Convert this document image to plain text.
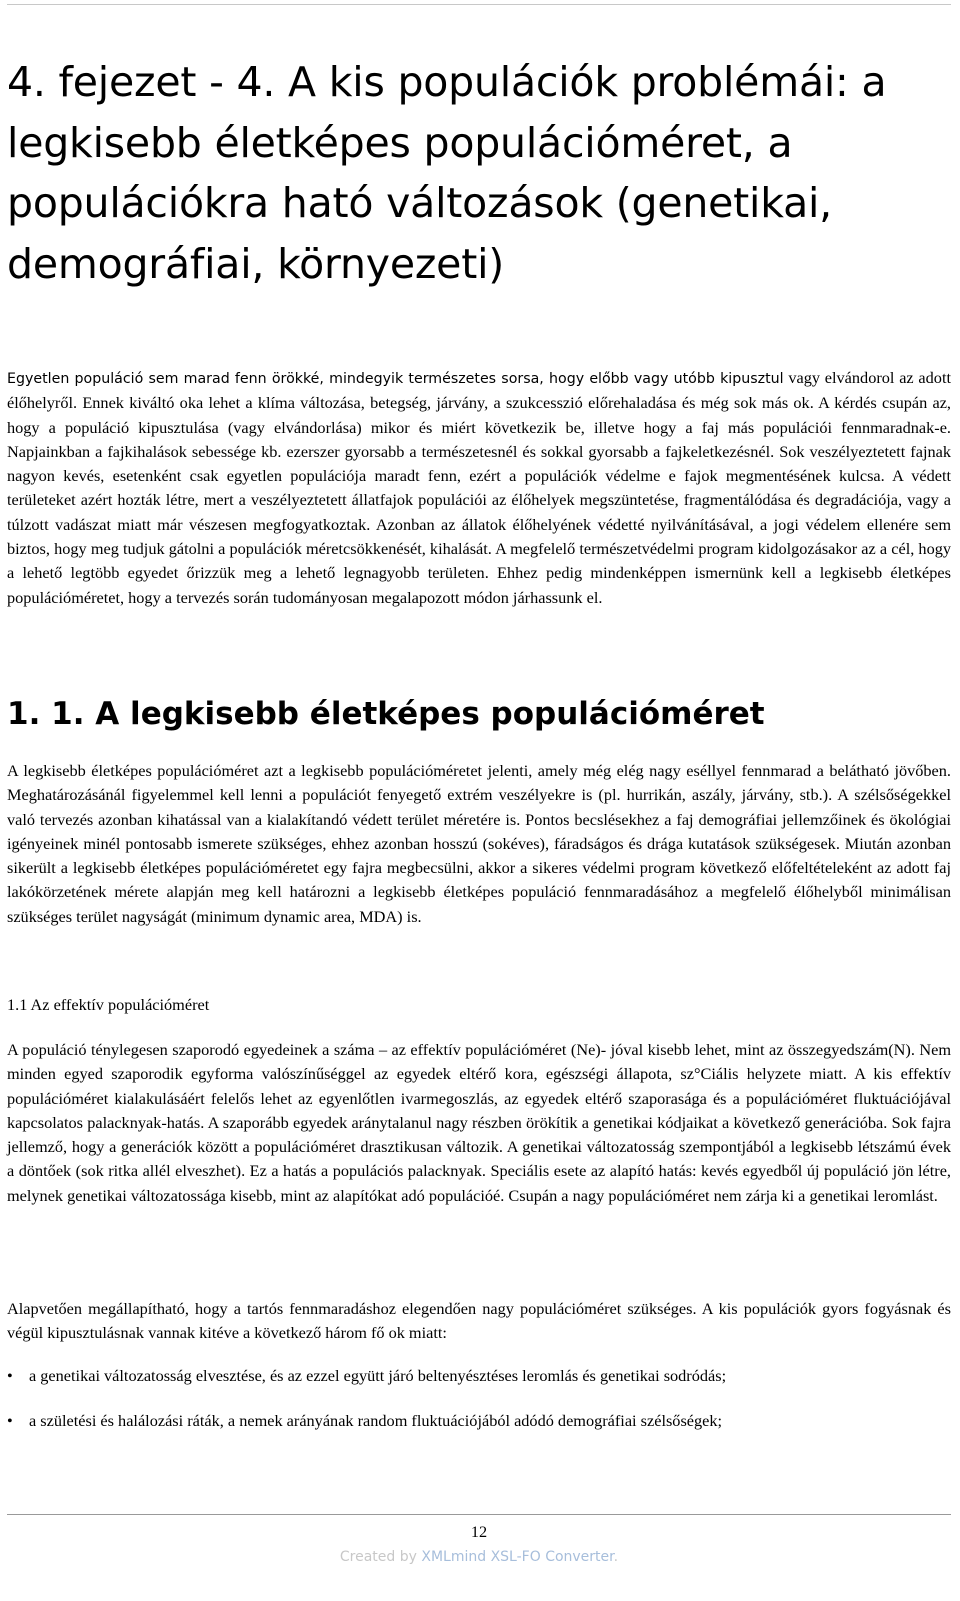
4. fejezet - 4. A kis populációk problémái: a legkisebb életképes populációméret, a populációkra ható változások (genetikai, demográfiai, környezeti)

Egyetlen populáció sem marad fenn örökké, mindegyik természetes sorsa, hogy előbb vagy utóbb kipusztul vagy elvándorol az adott élőhelyről. Ennek kiváltó oka lehet a klíma változása, betegség, járvány, a szukcesszió előrehaladása és még sok más ok. A kérdés csupán az, hogy a populáció kipusztulása (vagy elvándorlása) mikor és miért következik be, illetve hogy a faj más populációi fennmaradnak-e. Napjainkban a fajkihalások sebessége kb. ezerszer gyorsabb a természetesnél és sokkal gyorsabb a fajkeletkezésnél. Sok veszélyeztetett fajnak nagyon kevés, esetenként csak egyetlen populációja maradt fenn, ezért a populációk védelme e fajok megmentésének kulcsa. A védett területeket azért hozták létre, mert a veszélyeztetett állatfajok populációi az élőhelyek megszüntetése, fragmentálódása és degradációja, vagy a túlzott vadászat miatt már vészesen megfogyatkoztak. Azonban az állatok élőhelyének védetté nyilvánításával, a jogi védelem ellenére sem biztos, hogy meg tudjuk gátolni a populációk méretcsökkenését, kihalását. A megfelelő természetvédelmi program kidolgozásakor az a cél, hogy a lehető legtöbb egyedet őrizzük meg a lehető legnagyobb területen. Ehhez pedig mindenképpen ismernünk kell a legkisebb életképes populációméretet, hogy a tervezés során tudományosan megalapozott módon járhassunk el.

1. 1. A legkisebb életképes populációméret

A legkisebb életképes populációméret azt a legkisebb populációméretet jelenti, amely még elég nagy eséllyel fennmarad a belátható jövőben. Meghatározásánál figyelemmel kell lenni a populációt fenyegető extrém veszélyekre is (pl. hurrikán, aszály, járvány, stb.). A szélsőségekkel való tervezés azonban kihatással van a kialakítandó védett terület méretére is. Pontos becslésekhez a faj demográfiai jellemzőinek és ökológiai igényeinek minél pontosabb ismerete szükséges, ehhez azonban hosszú (sokéves), fáradságos és drága kutatások szükségesek. Miután azonban sikerült a legkisebb életképes populációméretet egy fajra megbecsülni, akkor a sikeres védelmi program következő előfeltételeként az adott faj lakókörzetének mérete alapján meg kell határozni a legkisebb életképes populáció fennmaradásához a megfelelő élőhelyből minimálisan szükséges terület nagyságát (minimum dynamic area, MDA) is.

1.1 Az effektív populációméret

A populáció ténylegesen szaporodó egyedeinek a száma – az effektív populációméret (Ne)- jóval kisebb lehet, mint az összegyedszám(N). Nem minden egyed szaporodik egyforma valószínűséggel az egyedek eltérő kora, egészségi állapota, sz°Ciális helyzete miatt. A kis effektív populációméret kialakulásáért felelős lehet az egyenlőtlen ivarmegoszlás, az egyedek eltérő szaporasága és a populációméret fluktuációjával kapcsolatos palacknyak-hatás. A szaporább egyedek aránytalanul nagy részben örökítik a genetikai kódjaikat a következő generációba. Sok fajra jellemző, hogy a generációk között a populációméret drasztikusan változik. A genetikai változatosság szempontjából a legkisebb létszámú évek a döntőek (sok ritka allél elveszhet). Ez a hatás a populációs palacknyak. Speciális esete az alapító hatás: kevés egyedből új populáció jön létre, melynek genetikai változatossága kisebb, mint az alapítókat adó populációé. Csupán a nagy populációméret nem zárja ki a genetikai leromlást.

Alapvetően megállapítható, hogy a tartós fennmaradáshoz elegendően nagy populációméret szükséges. A kis populációk gyors fogyásnak és végül kipusztulásnak vannak kitéve a következő három fő ok miatt:

• a genetikai változatosság elvesztése, és az ezzel együtt járó beltenyésztéses leromlás és genetikai sodródás;
• a születési és halálozási ráták, a nemek arányának random fluktuációjából adódó demográfiai szélsőségek;
12
Created by XMLmind XSL-FO Converter.
